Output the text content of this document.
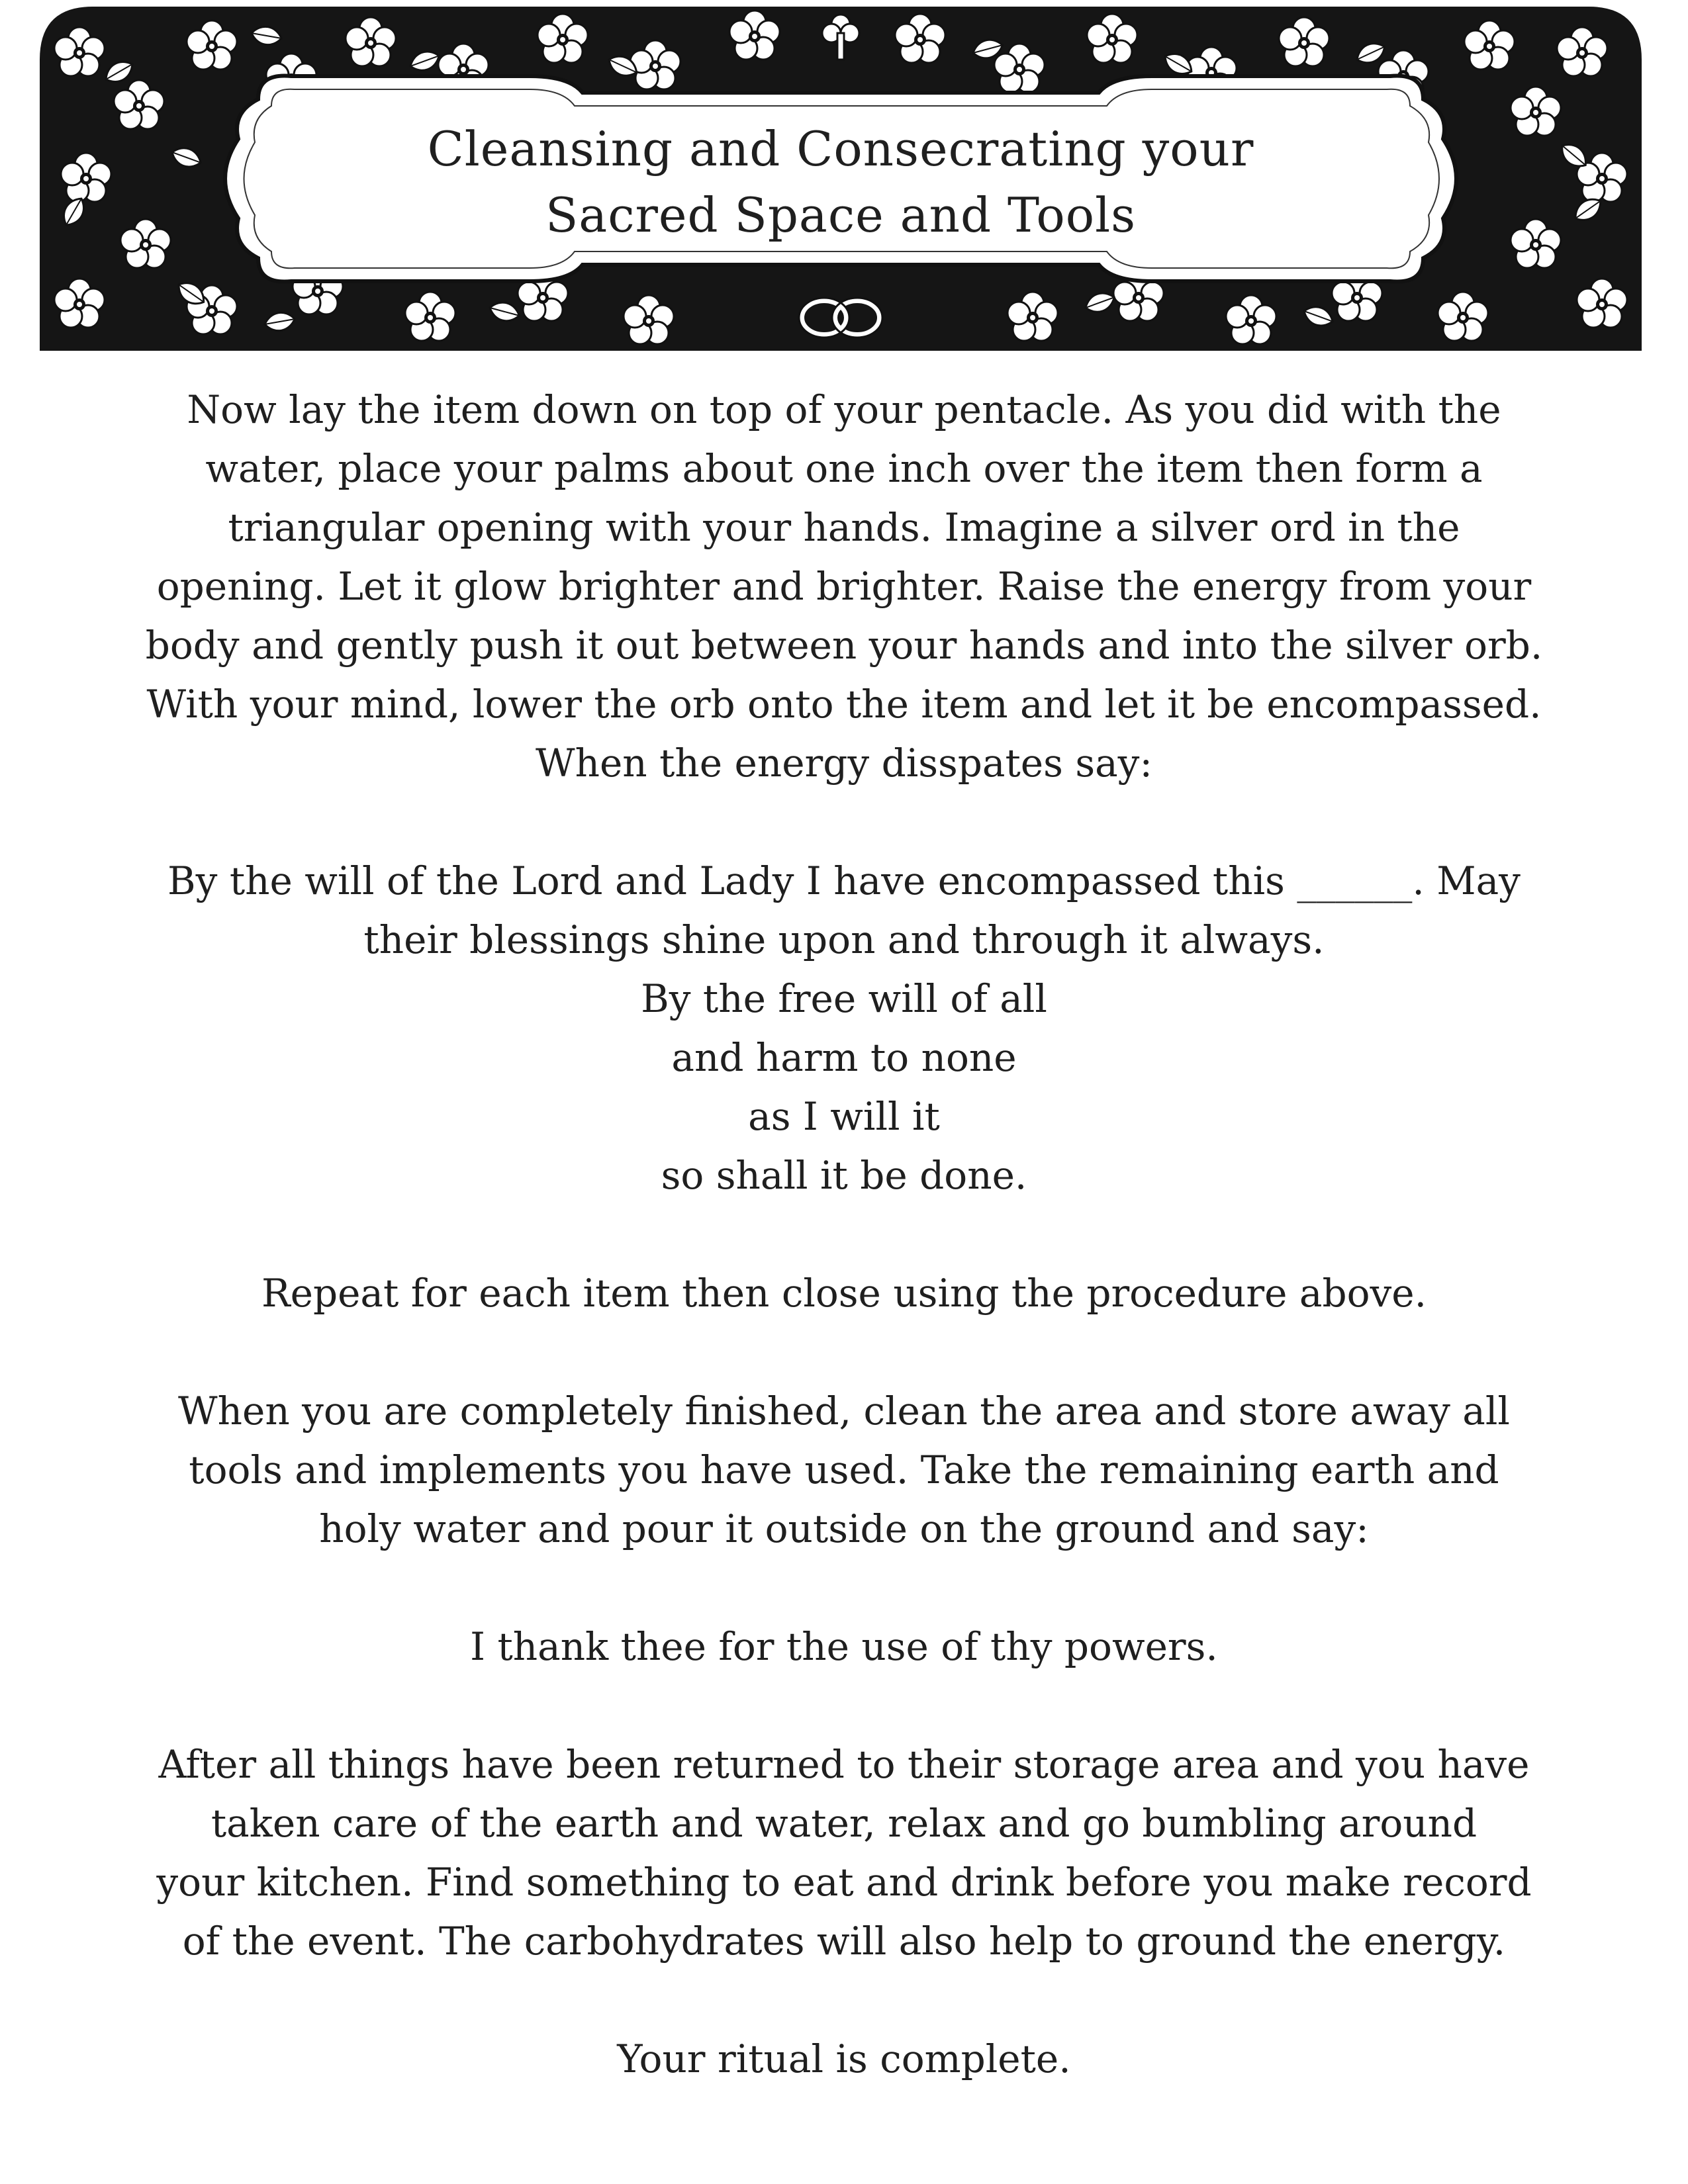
Cleansing and Consecrating your
Sacred Space and Tools
Now lay the item down on top of your pentacle. As you did with the
water, place your palms about one inch over the item then form a
triangular opening with your hands. Imagine a silver ord in the
opening. Let it glow brighter and brighter. Raise the energy from your
body and gently push it out between your hands and into the silver orb.
With your mind, lower the orb onto the item and let it be encompassed.
When the energy disspates say:
By the will of the Lord and Lady I have encompassed this ______. May
their blessings shine upon and through it always.
By the free will of all
and harm to none
as I will it
so shall it be done.
Repeat for each item then close using the procedure above.
When you are completely finished, clean the area and store away all
tools and implements you have used. Take the remaining earth and
holy water and pour it outside on the ground and say:
I thank thee for the use of thy powers.
After all things have been returned to their storage area and you have
taken care of the earth and water, relax and go bumbling around
your kitchen. Find something to eat and drink before you make record
of the event. The carbohydrates will also help to ground the energy.
Your ritual is complete.
